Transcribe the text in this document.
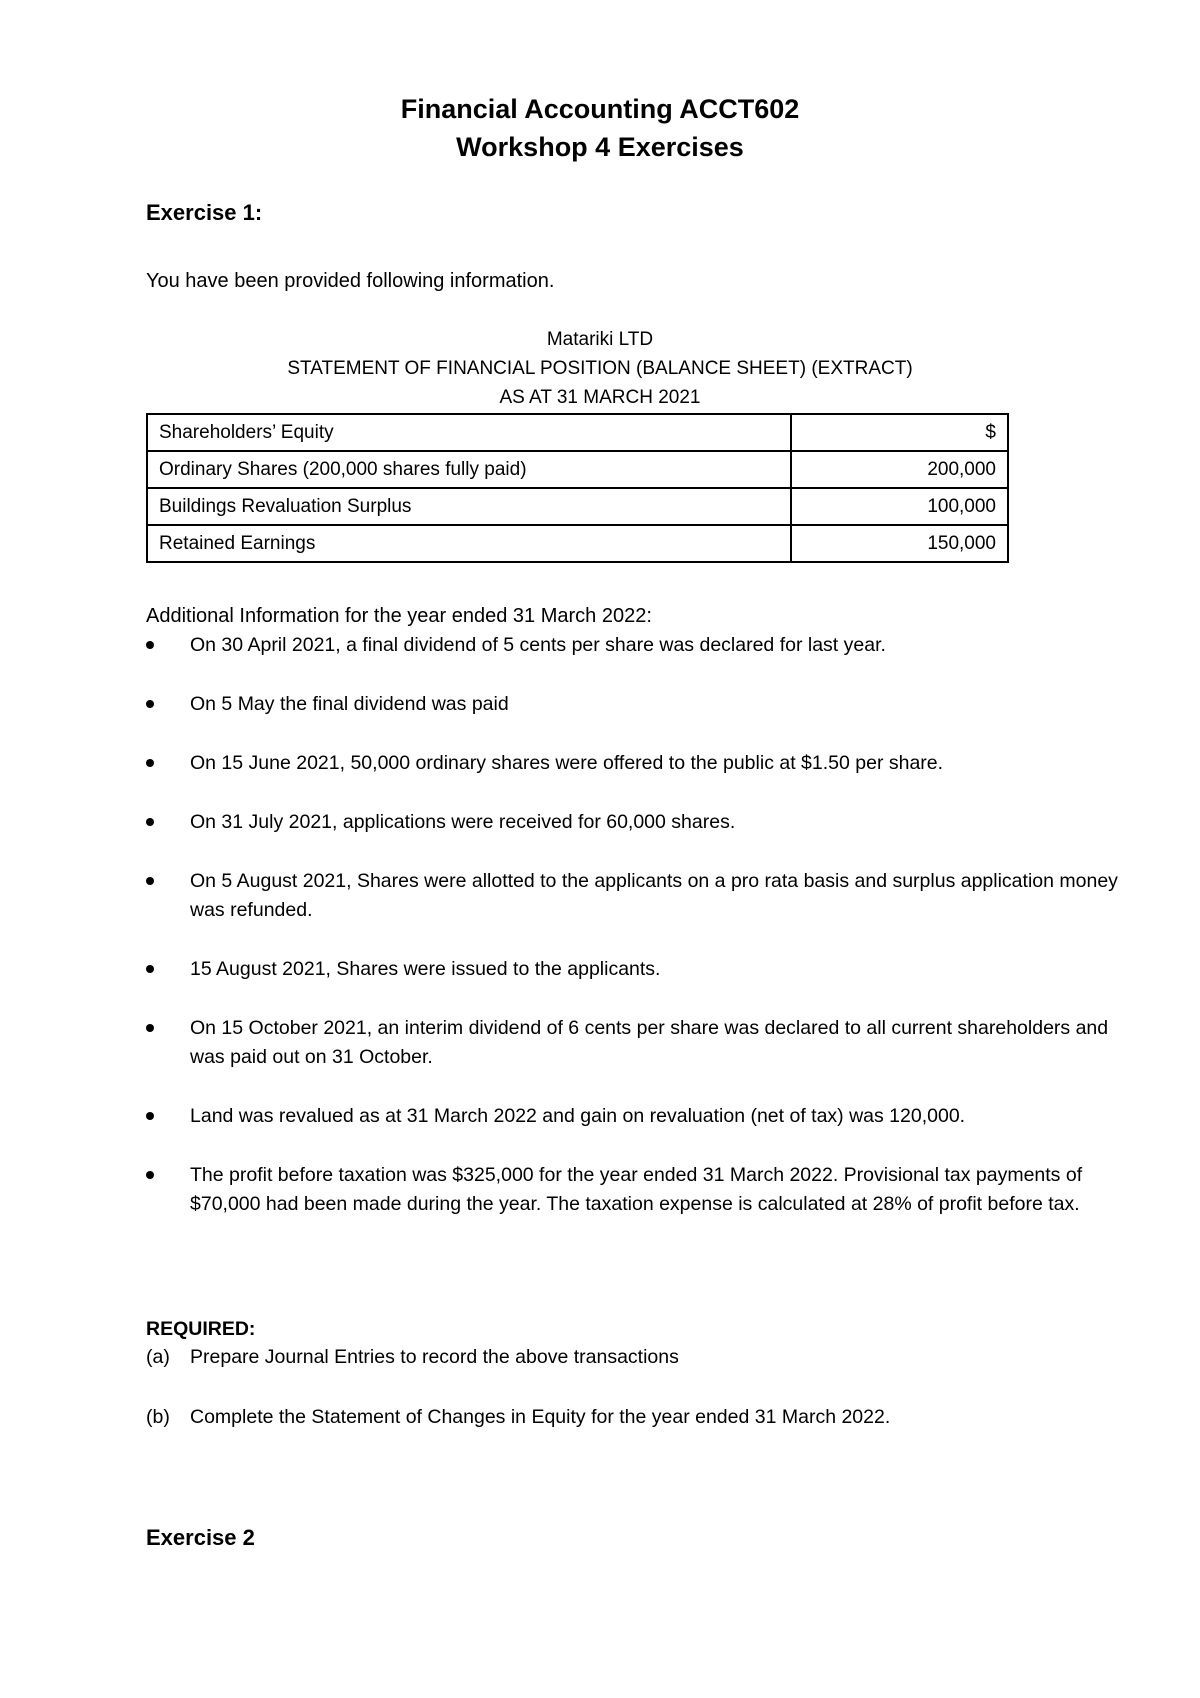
Financial Accounting ACCT602
Workshop 4 Exercises
Exercise 1:
You have been provided following information.
Matariki LTD
STATEMENT OF FINANCIAL POSITION (BALANCE SHEET) (EXTRACT)
AS AT 31 MARCH 2021
Shareholders’ Equity	$
Ordinary Shares (200,000 shares fully paid)	200,000
Buildings Revaluation Surplus	100,000
Retained Earnings	150,000
Additional Information for the year ended 31 March 2022:
On 30 April 2021, a final dividend of 5 cents per share was declared for last year.
On 5 May the final dividend was paid
On 15 June 2021, 50,000 ordinary shares were offered to the public at $1.50 per share.
On 31 July 2021, applications were received for 60,000 shares.
On 5 August 2021, Shares were allotted to the applicants on a pro rata basis and surplus application money was refunded.
15 August 2021, Shares were issued to the applicants.
On 15 October 2021, an interim dividend of 6 cents per share was declared to all current shareholders and was paid out on 31 October.
Land was revalued as at 31 March 2022 and gain on revaluation (net of tax) was 120,000.
The profit before taxation was $325,000 for the year ended 31 March 2022. Provisional tax payments of $70,000 had been made during the year. The taxation expense is calculated at 28% of profit before tax.
REQUIRED:
(a) Prepare Journal Entries to record the above transactions
(b) Complete the Statement of Changes in Equity for the year ended 31 March 2022.
Exercise 2
